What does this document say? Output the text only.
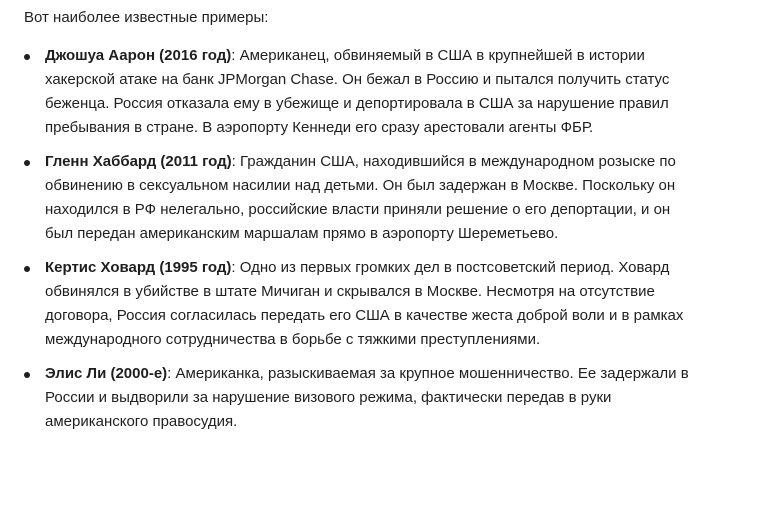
Вот наиболее известные примеры:

Джошуа Аарон (2016 год): Американец, обвиняемый в США в крупнейшей в истории хакерской атаке на банк JPMorgan Chase. Он бежал в Россию и пытался получить статус беженца. Россия отказала ему в убежище и депортировала в США за нарушение правил пребывания в стране. В аэропорту Кеннеди его сразу арестовали агенты ФБР.
Гленн Хаббард (2011 год): Гражданин США, находившийся в международном розыске по обвинению в сексуальном насилии над детьми. Он был задержан в Москве. Поскольку он находился в РФ нелегально, российские власти приняли решение о его депортации, и он был передан американским маршалам прямо в аэропорту Шереметьево.
Кертис Ховард (1995 год): Одно из первых громких дел в постсоветский период. Ховард обвинялся в убийстве в штате Мичиган и скрывался в Москве. Несмотря на отсутствие договора, Россия согласилась передать его США в качестве жеста доброй воли и в рамках международного сотрудничества в борьбе с тяжкими преступлениями.
Элис Ли (2000-е): Американка, разыскиваемая за крупное мошенничество. Ее задержали в России и выдворили за нарушение визового режима, фактически передав в руки американского правосудия.
